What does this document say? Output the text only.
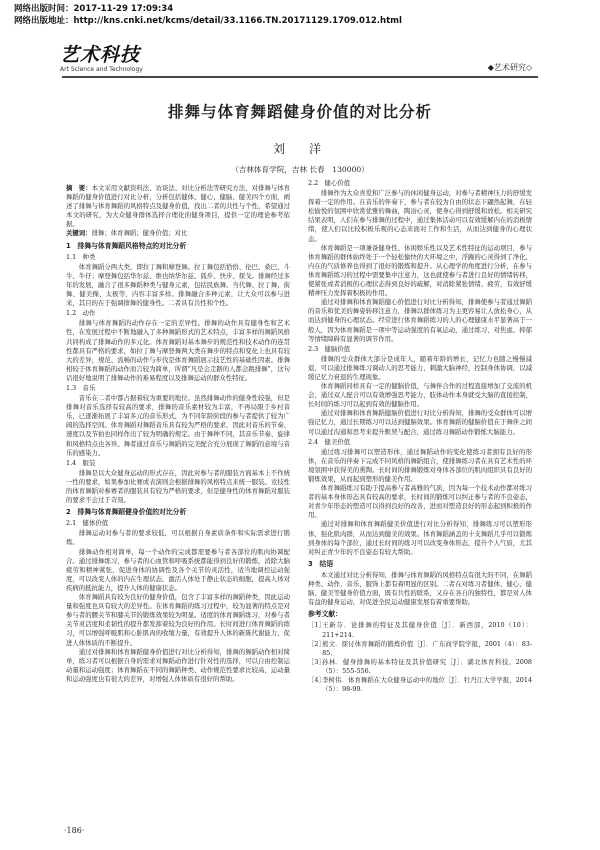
网络出版时间：2017-11-29 17:09:34
网络出版地址：http://kns.cnki.net/kcms/detail/33.1166.TN.20171129.1709.012.html
艺术科技
Art Science and Technology	◆艺术研究◇
排舞与体育舞蹈健身价值的对比分析
刘　洋
（吉林体育学院，吉林 长春　130000）

摘　要：本文采用文献资料法、访谈法、对比分析法等研究方法，对排舞与体育舞蹈的健身价值进行对比分析，分析包括健体、健心、健脑、健美四个方面，阐述了排舞与体育舞蹈的风格特点及健身价值，找出二者的共性与个性，希望通过本文的研究，为大众健身群体选择合理化的健身项目，提供一定的理论参考依据。

关键词：排舞；体育舞蹈；健身价值；对比

1　排舞与体育舞蹈风格特点的对比分析
1.1　种类

体育舞蹈分两大类，即拉丁舞和摩登舞。拉丁舞包括恰恰、伦巴、桑巴、斗牛、牛仔；摩登舞包括华尔兹、维也纳华尔兹、狐步、快步、探戈。排舞经过多年的发展，融合了很多舞蹈种类与健身元素，包括民族舞、当代舞、拉丁舞、街舞、健美操、太极等，内容丰富多样。排舞融合多种元素，让大众可以参与进来，其目的在于强调排舞的健身性。二者具有共性和个性。

1.2　动作

排舞与体育舞蹈的动作存在一定的差异性。排舞的动作具有健身性和艺术性，在发展过程中不断地融入了多种舞蹈形式的艺术特点，丰富多样的舞蹈风格共同构成了排舞动作的多元化。体育舞蹈对基本舞步的规范性和技术动作的连贯性都具有严格的要求，如拉丁舞与摩登舞两大类在舞步的特点和变化上也具有较大的差异，规范、流畅的动作与步伐是体育舞蹈展示技艺性的基础性因素。排舞相较于体育舞蹈的动作而言较为简单，所谓“凡是会走路的人都会跳排舞”，这句话很好地说明了排舞动作的难易程度以及排舞运动的群众性特征。

1.3　音乐

音乐在二者中都占据着较为重要的地位。虽然排舞动作的健身性较强，但是排舞对音乐选择有较高的要求，排舞的音乐素材较为丰富，不再局限于乡村音乐，已逐渐拓展了丰富多元的音乐形式，为不同年龄阶段的参与者提供了较为广阔的选择空间。体育舞蹈对舞蹈音乐具有较为严格的要求，因此对音乐的节奏、速度以及节拍也同样作出了较为明确的规定。由于舞种不同，其音乐节奏、旋律和风格特点也各异。舞者通过音乐与舞蹈的完美配合充分展现了舞蹈的意境与音乐的感染力。

1.4　服装

排舞是以大众健身运动的形式存在，因此对参与者的服装方面基本上不作统一性的要求，如果参加比赛或表演则会根据排舞的风格特点来统一服装。竞技性的体育舞蹈对参赛者的服装具有较为严格的要求，但是健身性的体育舞蹈对服装的要求不会过于苛刻。

2　排舞与体育舞蹈健身价值的对比分析
2.1　健体价值

排舞运动对参与者的要求较低，可以根据自身素质条件和实际需求进行锻炼。

排舞动作相对简单，每一个动作的完成都需要参与者各部位的肌肉协调配合。通过排舞练习，参与者的心血管和呼吸系统都能得到良好的锻炼，消除大脑疲劳和精神紧张，促进身体的协调性及各个关节的灵活性，适当地调控运动强度，可以改变人体的内在生理状态，激活人体处于静止状态的细胞，提高人体对疾病的抵抗能力，提升人体的健康状态。

体育舞蹈具有较为良好的健身价值，包含了丰富多样的舞蹈种类，因此运动量和强度也具有较大的差异性。在体育舞蹈的练习过程中，较为显著的特点是对参与者的腰关节和膝关节的锻炼效果较为明显。适度的体育舞蹈练习，对参与者关节灵活度和柔韧性的提升都发挥着较为良好的作用。长时间进行体育舞蹈的练习，可以增强呼吸肌和心脏肌肉的收缩力量，有效提升人体的新陈代谢能力，促进人体体质的不断提升。

通过对排舞和体育舞蹈健身价值进行对比分析得知，排舞的舞蹈动作相对简单，练习者可以根据自身的需求对舞蹈动作进行针对性的选择，可以自由控制运动量和运动强度；体育舞蹈在不同的舞蹈种类、动作规范性要求比较高，运动量和运动强度也有很大的差异，对增强人体体质有很好的帮助。

2.2　健心价值

排舞作为大众喜爱和广泛参与的休闲健身运动，对参与者精神压力的舒缓发挥着一定的作用。在音乐的伴奏下，参与者在较为自由的状态下翩然起舞，在轻松愉悦的氛围中欣赏优雅的舞曲，陶冶心灵，使身心得到舒缓和放松。相关研究结果表明，人们在参与排舞的过程中，通过集体活动可以有效缓解内在的消极情绪，使人们以比较积极乐观的心态来面对工作和生活，从而达到健身的心理状态。

体育舞蹈是一项兼备健身性、休闲娱乐性以及艺术性特征的运动项目，参与体育舞蹈的群体始终处于一个轻松愉快的大环境之中，浮躁的心灵得到了净化，内在的气质修养也得到了很好的锻炼和提升。从心理学的角度进行分析，在参与体育舞蹈练习的过程中需要集中注意力，这也就使参与者进行良好的情绪转移，使紧张或者消极的心理状态得到良好的疏解，对消除紧张情绪、疲劳，有效舒缓精神压力发挥着积极的作用。

通过对排舞和体育舞蹈健心价值进行对比分析得知，排舞使参与者通过舞蹈的音乐和优美的舞姿转移注意力，排舞以群体练习为主更容易让人放松身心，从而达到健身的心理状态。经常进行体育舞蹈练习的人的心理健康水平显著高于一般人，因为体育舞蹈是一项中等运动强度的有氧运动，通过练习，对焦虑、抑郁等情绪障碍有显著的调节作用。

2.3　健脑价值

排舞的受众群体大部分是成年人，随着年龄的增长，记忆力也随之慢慢减退，可以通过排舞练习调动人的思考能力，刺激大脑神经，控制身体协调，以减缓记忆力衰退的生理现象。

体育舞蹈同样具有一定的健脑价值，与舞伴合作的过程直接增加了交流的机会，通过双人配合可以有效增强思考能力，肢体动作本身就受大脑的直接控制，长时间的练习可以起到有效的健脑作用。

通过对排舞和体育舞蹈健脑价值进行对比分析得知，排舞的受众群体可以增强记忆力，通过长期练习可以达到健脑效果。体育舞蹈的健脑价值在于舞伴之间可以通过沟通和思考来提升默契与配合，通过练习舞蹈动作锻炼大脑能力。

2.4　健美价值

通过练习排舞可以塑造形体，通过舞蹈动作的变化使练习者拥有良好的形体，在音乐的伴奏下完成不同风格的舞蹈组合，使排舞练习者在具有艺术性的环境氛围中获得美的熏陶。长时间的排舞锻炼对身体各部位的肌肉组织具有良好的锻炼效果，从而起到塑形的健美作用。

体育舞蹈练习有助于提高参与者高雅的气质，因为每一个技术动作都对练习者的基本身体形态具有较高的要求，长时间的锻炼可以纠正参与者的不良姿态，对青少年形态的塑造可以得到良好的改善，进而对塑造良好的形态起到积极的作用。

通过对排舞和体育舞蹈健美价值进行对比分析得知，排舞练习可以塑形形体，强化肌肉群，从而达到健美的效果。体育舞蹈涵盖的十支舞蹈几乎可以锻炼到身体的每个部位，通过长时间的练习可以改变身体形态，提升个人气质，尤其对纠正青少年的不良姿态有较大帮助。

3　结语

本文通过对比分析得知，排舞与体育舞蹈的风格特点有很大的不同，在舞蹈种类、动作、音乐、服饰上都有着明显的区别。二者在对练习者健体、健心、健脑、健美等健身价值方面，既有共性的联系，又存在各自的独特性，都是对人体有益的健身运动，对促进全民运动健康发展有着重要帮助。

参考文献：

［1］
王新芬．论排舞的特征及其健身价值［J］．新西部，2010（10）：211+214.

［2］
熊文．探讨体育舞蹈的锻炼价值［J］．广东商学院学报，2001（4）：83-85.

［3］
孙林．健身排舞的基本特征及其价值研究［J］．湖北体育科技，2008（5）：555-556.

［4］
李树伟．体育舞蹈在大众健身运动中的地位［J］．牡丹江大学学报，2014（5）：98-99.

·186·
